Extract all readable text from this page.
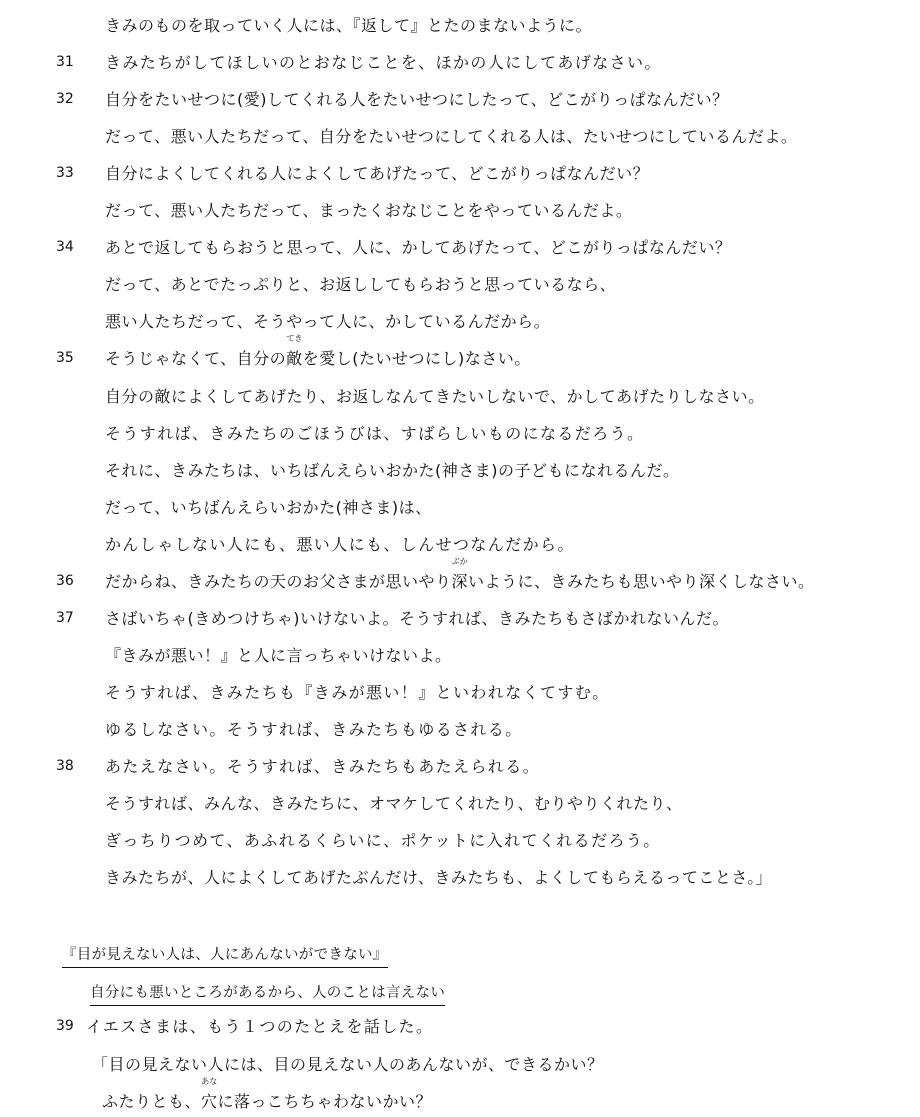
きみのものを取っていく人には、『返して』とたのまないように。
31 きみたちがしてほしいのとおなじことを、ほかの人にしてあげなさい。
32 自分をたいせつに(愛)してくれる人をたいせつにしたって、どこがりっぱなんだい？
だって、悪い人たちだって、自分をたいせつにしてくれる人は、たいせつにしているんだよ。
33 自分によくしてくれる人によくしてあげたって、どこがりっぱなんだい？
だって、悪い人たちだって、まったくおなじことをやっているんだよ。
34 あとで返してもらおうと思って、人に、かしてあげたって、どこがりっぱなんだい？
だって、あとでたっぷりと、お返ししてもらおうと思っているなら、
悪い人たちだって、そうやって人に、かしているんだから。
35 そうじゃなくて、自分の敵
てき
を愛し(たいせつにし)なさい。
自分の敵によくしてあげたり、お返しなんてきたいしないで、かしてあげたりしなさい。
そうすれば、きみたちのごほうびは、すばらしいものになるだろう。
それに、きみたちは、いちばんえらいおかた(神さま)の子どもになれるんだ。
だって、いちばんえらいおかた(神さま)は、
かんしゃしない人にも、悪い人にも、しんせつなんだから。
36 だからね、きみたちの天のお父さまが思いやり深
ぶか
いように、きみたちも思いやり深くしなさい。
37 さばいちゃ(きめつけちゃ)いけないよ。そうすれば、きみたちもさばかれないんだ。
『きみが悪い！』と人に言っちゃいけないよ。
そうすれば、きみたちも『きみが悪い！』といわれなくてすむ。
ゆるしなさい。そうすれば、きみたちもゆるされる。
38 あたえなさい。そうすれば、きみたちもあたえられる。
そうすれば、みんな、きみたちに、オマケしてくれたり、むりやりくれたり、
ぎっちりつめて、あふれるくらいに、ポケットに入れてくれるだろう。
きみたちが、人によくしてあげたぶんだけ、きみたちも、よくしてもらえるってことさ。」
『目が見えない人は、人にあんないができない』
自分にも悪いところがあるから、人のことは言えない
39 イエスさまは、もう１つのたとえを話した。
「目の見えない人には、目の見えない人のあんないが、できるかい？
ふたりとも、穴
あな
に落っこちちゃわないかい？
